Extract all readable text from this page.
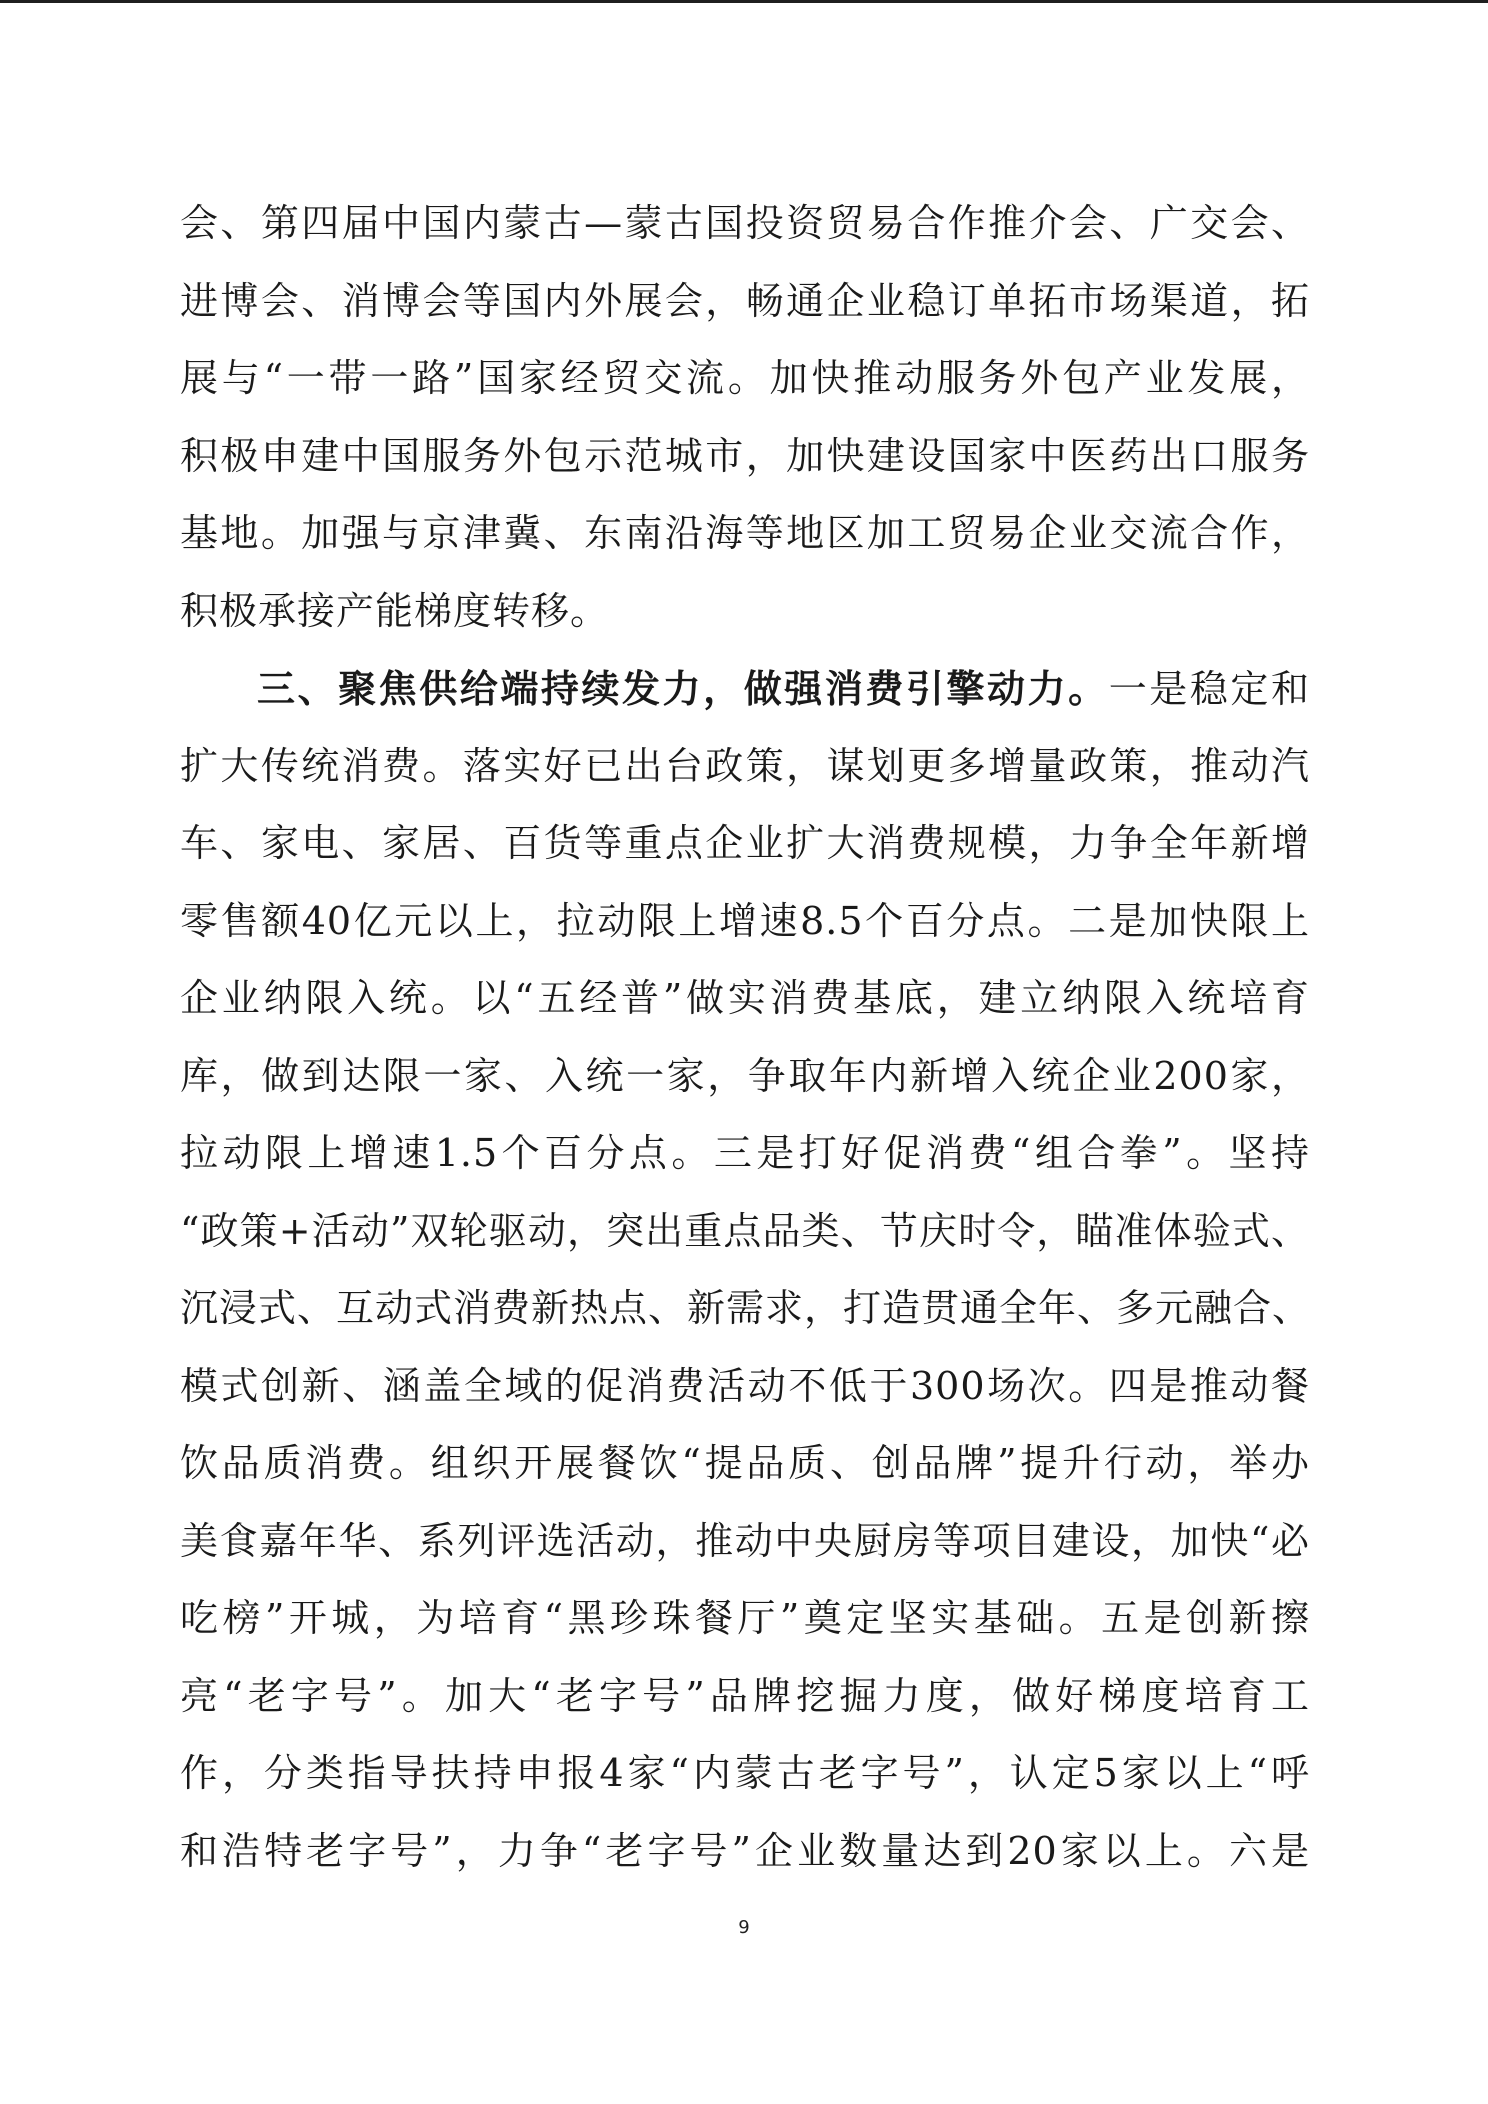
会、第四届中国内蒙古—蒙古国投资贸易合作推介会、广交会、
进博会、消博会等国内外展会，畅通企业稳订单拓市场渠道，拓
展与“一带一路”国家经贸交流。加快推动服务外包产业发展，
积极申建中国服务外包示范城市，加快建设国家中医药出口服务
基地。加强与京津冀、东南沿海等地区加工贸易企业交流合作，
积极承接产能梯度转移。
三、聚焦供给端持续发力，做强消费引擎动力。一是稳定和
扩大传统消费。落实好已出台政策，谋划更多增量政策，推动汽
车、家电、家居、百货等重点企业扩大消费规模，力争全年新增
零售额40亿元以上，拉动限上增速8.5个百分点。二是加快限上
企业纳限入统。以“五经普”做实消费基底，建立纳限入统培育
库，做到达限一家、入统一家，争取年内新增入统企业200家，
拉动限上增速1.5个百分点。三是打好促消费“组合拳”。坚持
“政策+活动”双轮驱动，突出重点品类、节庆时令，瞄准体验式、
沉浸式、互动式消费新热点、新需求，打造贯通全年、多元融合、
模式创新、涵盖全域的促消费活动不低于300场次。四是推动餐
饮品质消费。组织开展餐饮“提品质、创品牌”提升行动，举办
美食嘉年华、系列评选活动，推动中央厨房等项目建设，加快“必
吃榜”开城，为培育“黑珍珠餐厅”奠定坚实基础。五是创新擦
亮“老字号”。加大“老字号”品牌挖掘力度，做好梯度培育工
作，分类指导扶持申报4家“内蒙古老字号”，认定5家以上“呼
和浩特老字号”，力争“老字号”企业数量达到20家以上。六是
9
